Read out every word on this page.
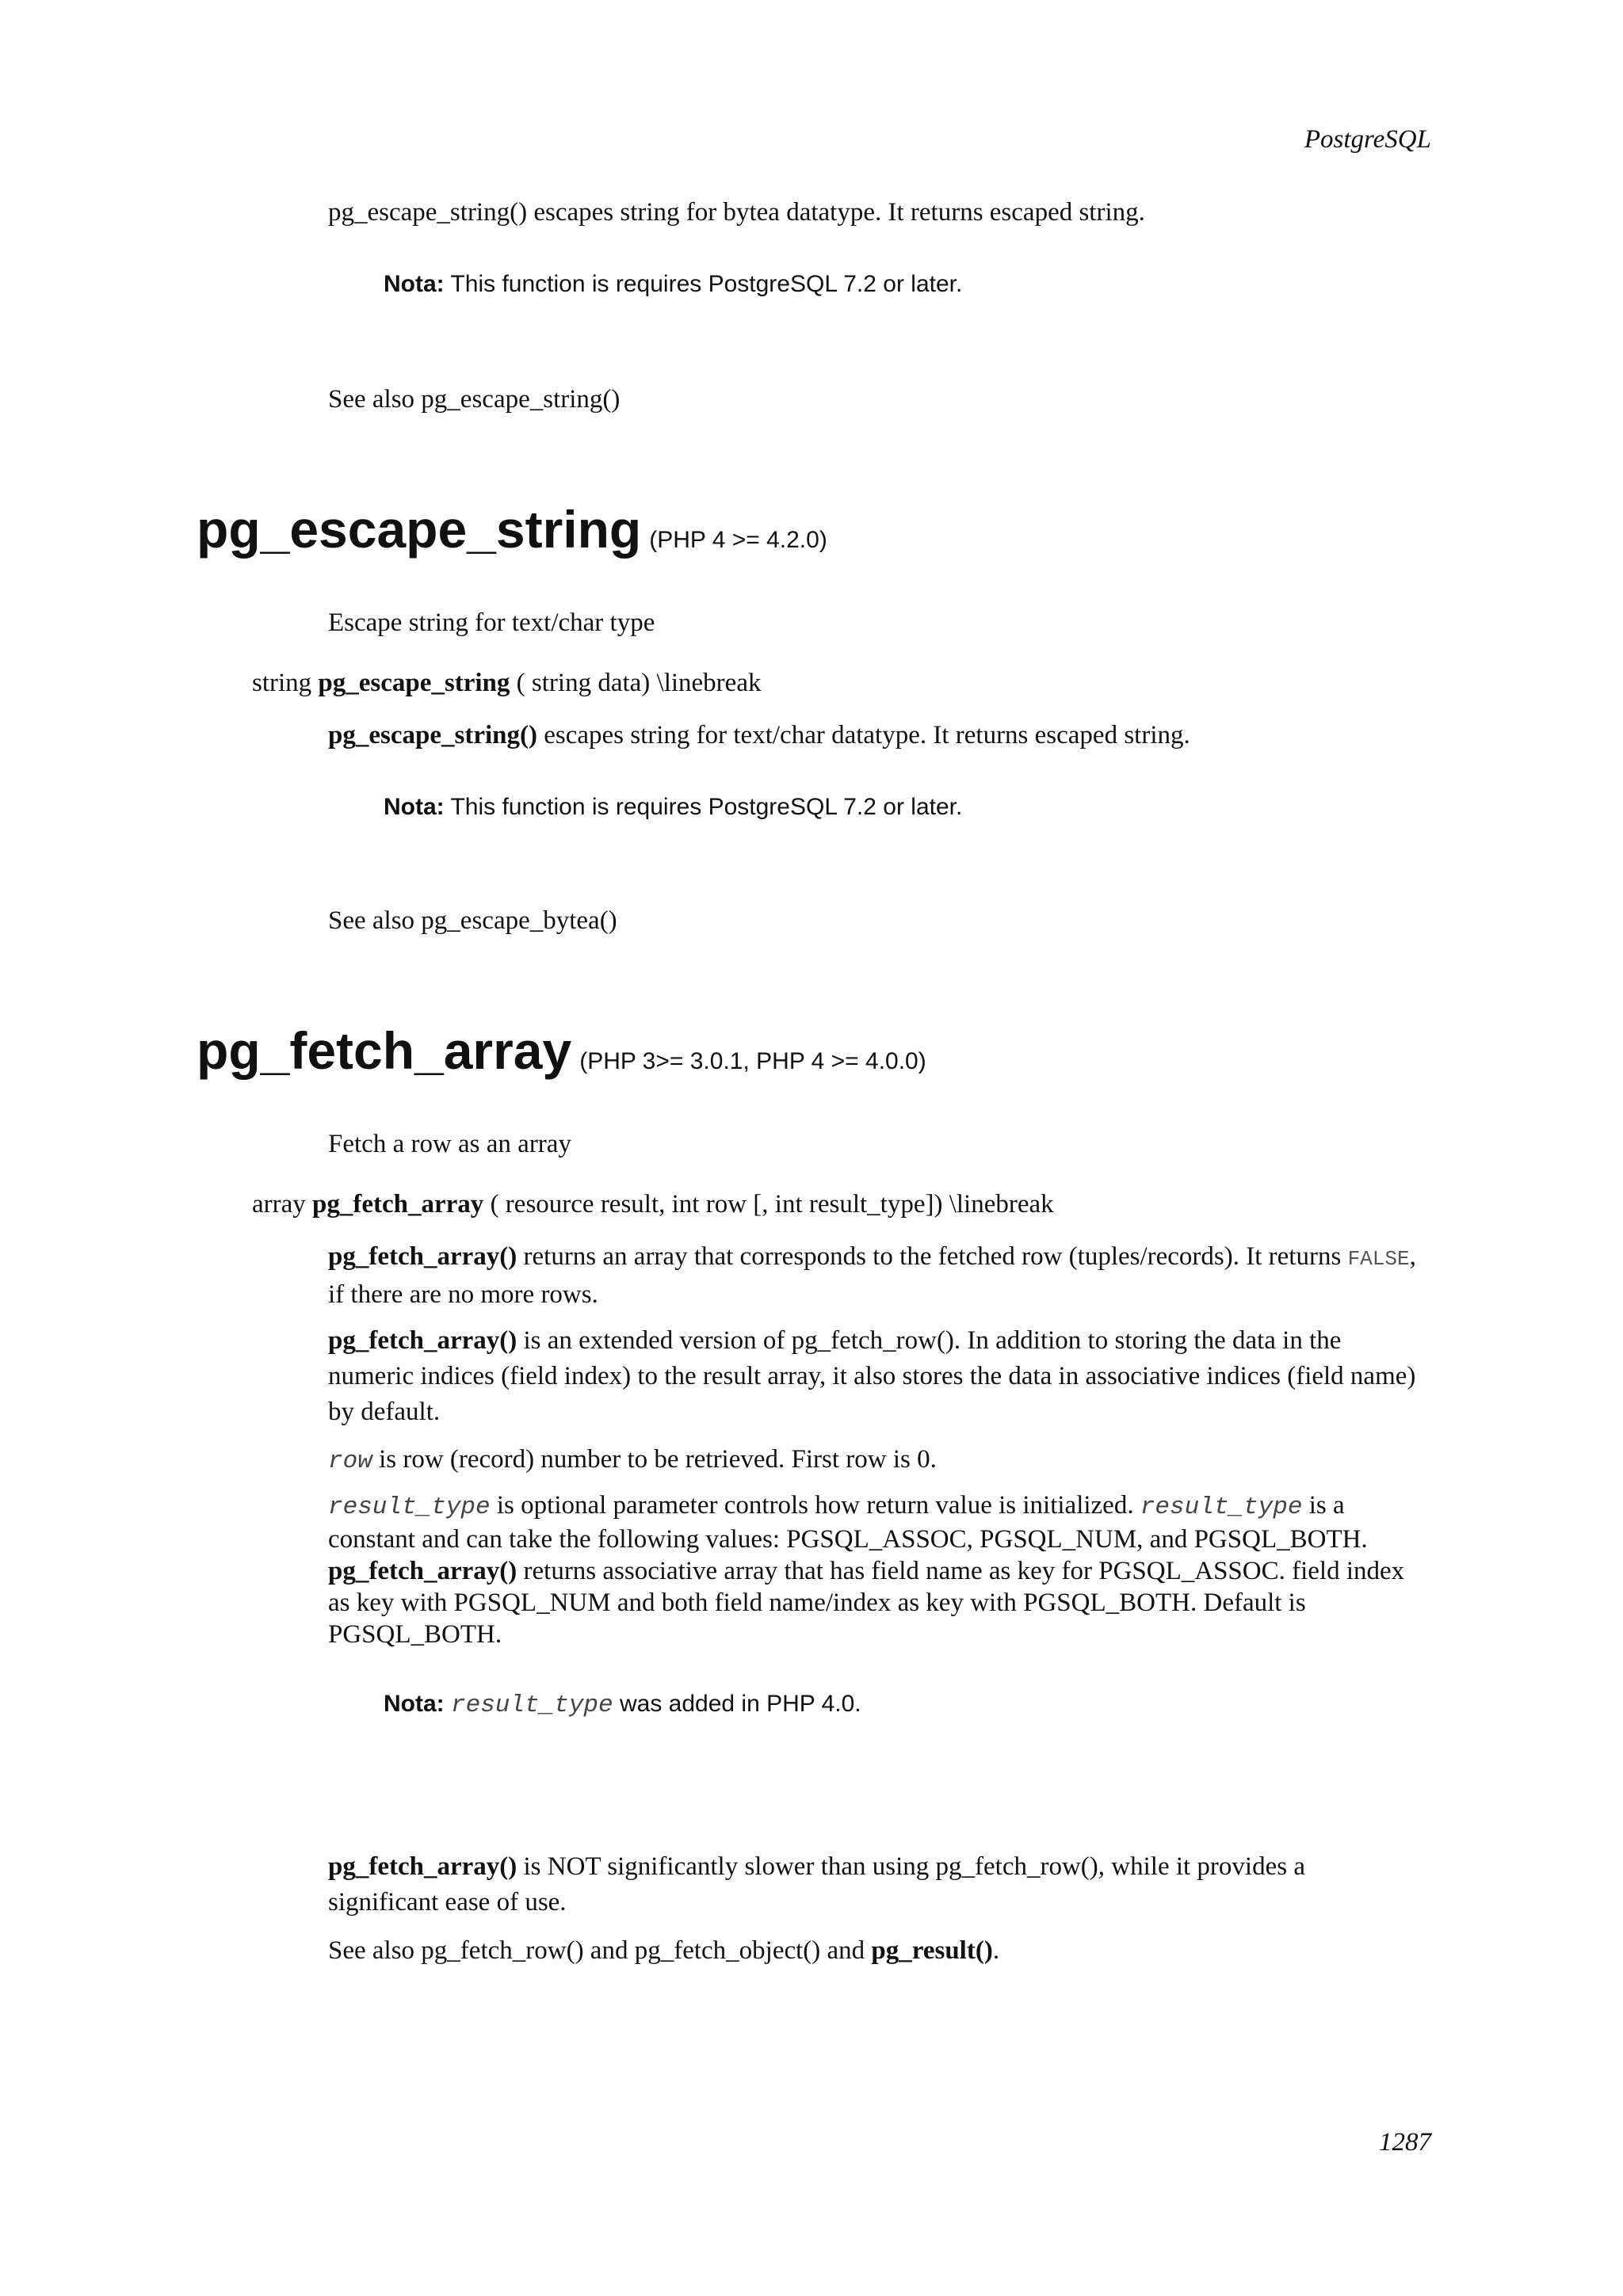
PostgreSQL
pg_escape_string() escapes string for bytea datatype. It returns escaped string.
Nota: This function is requires PostgreSQL 7.2 or later.
See also pg_escape_string()
pg_escape_string (PHP 4 >= 4.2.0)
Escape string for text/char type
string pg_escape_string ( string data) \linebreak
pg_escape_string() escapes string for text/char datatype. It returns escaped string.
Nota: This function is requires PostgreSQL 7.2 or later.
See also pg_escape_bytea()
pg_fetch_array (PHP 3>= 3.0.1, PHP 4 >= 4.0.0)
Fetch a row as an array
array pg_fetch_array ( resource result, int row [, int result_type]) \linebreak
pg_fetch_array() returns an array that corresponds to the fetched row (tuples/records). It returns FALSE, if there are no more rows.
pg_fetch_array() is an extended version of pg_fetch_row(). In addition to storing the data in the numeric indices (field index) to the result array, it also stores the data in associative indices (field name) by default.
row is row (record) number to be retrieved. First row is 0.
result_type is optional parameter controls how return value is initialized. result_type is a constant and can take the following values: PGSQL_ASSOC, PGSQL_NUM, and PGSQL_BOTH. pg_fetch_array() returns associative array that has field name as key for PGSQL_ASSOC. field index as key with PGSQL_NUM and both field name/index as key with PGSQL_BOTH. Default is PGSQL_BOTH.
Nota: result_type was added in PHP 4.0.
pg_fetch_array() is NOT significantly slower than using pg_fetch_row(), while it provides a significant ease of use.
See also pg_fetch_row() and pg_fetch_object() and pg_result().
1287
